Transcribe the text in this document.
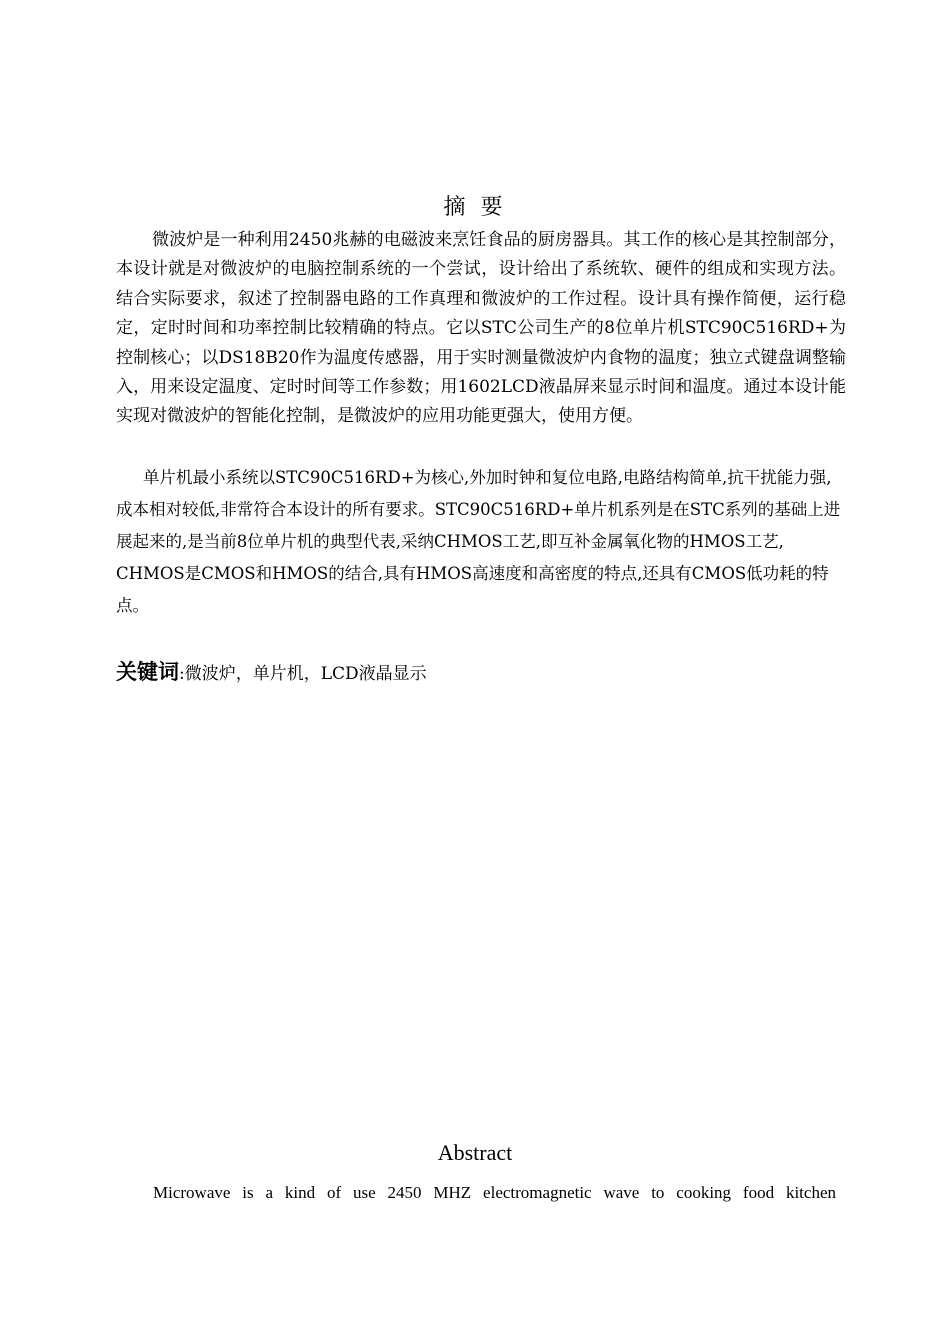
摘 要

微波炉是一种利用2450兆赫的电磁波来烹饪食品的厨房器具。其工作的核心是其控制部分，本设计就是对微波炉的电脑控制系统的一个尝试，设计给出了系统软、硬件的组成和实现方法。结合实际要求，叙述了控制器电路的工作真理和微波炉的工作过程。设计具有操作简便，运行稳定，定时时间和功率控制比较精确的特点。它以STC公司生产的8位单片机STC90C516RD+为控制核心；以DS18B20作为温度传感器，用于实时测量微波炉内食物的温度；独立式键盘调整输入，用来设定温度、定时时间等工作参数；用1602LCD液晶屏来显示时间和温度。通过本设计能实现对微波炉的智能化控制，是微波炉的应用功能更强大，使用方便。

单片机最小系统以STC90C516RD+为核心,外加时钟和复位电路,电路结构简单,抗干扰能力强,成本相对较低,非常符合本设计的所有要求。STC90C516RD+单片机系列是在STC系列的基础上进展起来的,是当前8位单片机的典型代表,采纳CHMOS工艺,即互补金属氧化物的HMOS工艺, CHMOS是CMOS和HMOS的结合,具有HMOS高速度和高密度的特点,还具有CMOS低功耗的特点。

关键词:微波炉，单片机，LCD液晶显示
Abstract

Microwave is a kind of use 2450 MHZ electromagnetic wave to cooking food kitchen
